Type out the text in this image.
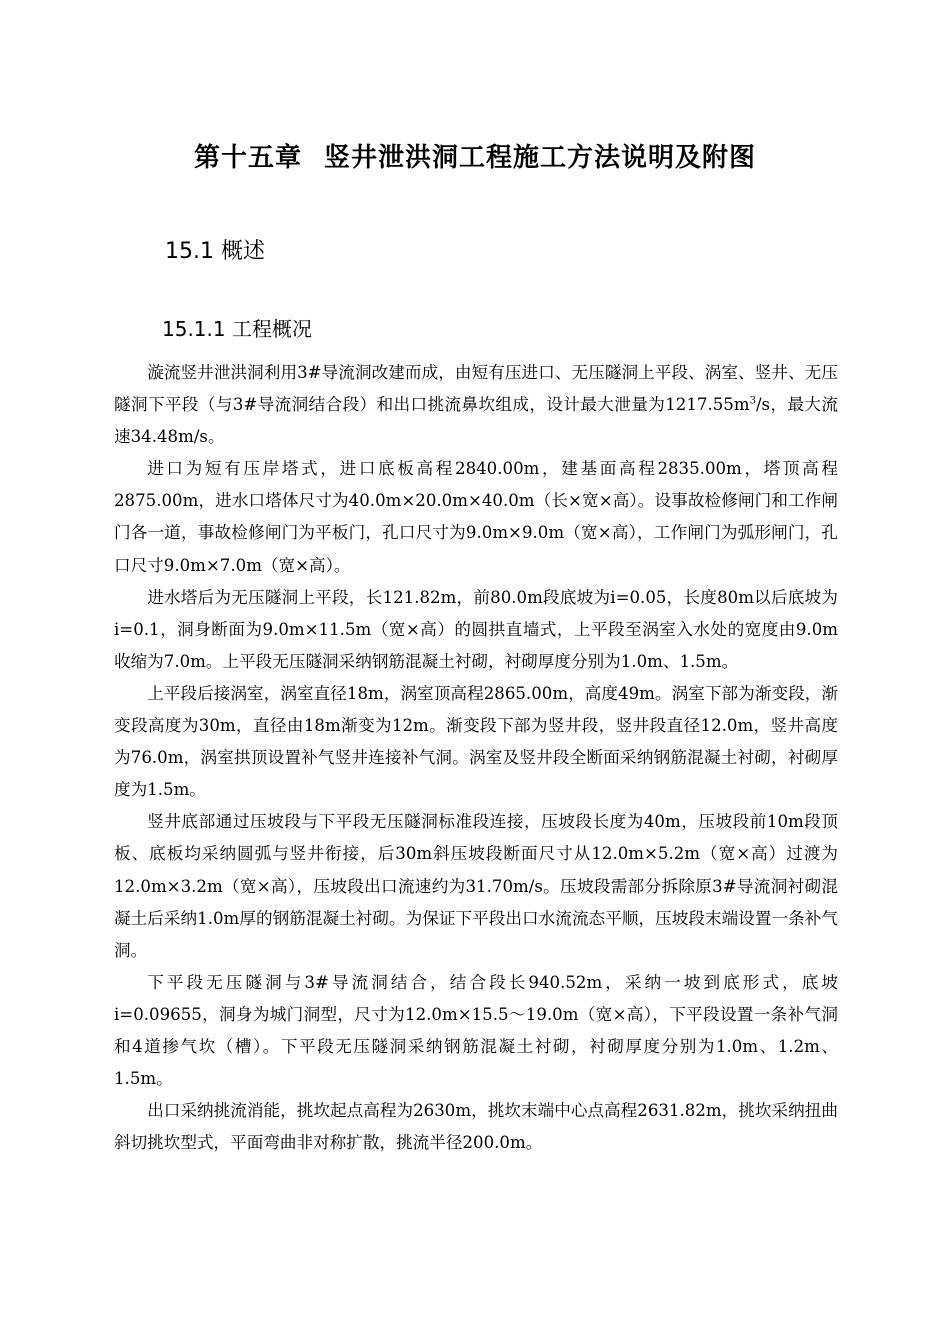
第十五章 竖井泄洪洞工程施工方法说明及附图
15.1 概述
15.1.1 工程概况

漩流竖井泄洪洞利用3#导流洞改建而成，由短有压进口、无压隧洞上平段、涡室、竖井、无压隧洞下平段（与3#导流洞结合段）和出口挑流鼻坎组成，设计最大泄量为$1217.55m^3/s$，最大流速34.48m/s。

进口为短有压岸塔式，进口底板高程2840.00m，建基面高程2835.00m，塔顶高程2875.00m，进水口塔体尺寸为40.0m×20.0m×40.0m（长×宽×高）。设事故检修闸门和工作闸门各一道，事故检修闸门为平板门，孔口尺寸为9.0m×9.0m（宽×高），工作闸门为弧形闸门，孔口尺寸9.0m×7.0m（宽×高）。

进水塔后为无压隧洞上平段，长121.82m，前80.0m段底坡为i=0.05，长度80m以后底坡为i=0.1，洞身断面为9.0m×11.5m（宽×高）的圆拱直墙式，上平段至涡室入水处的宽度由9.0m收缩为7.0m。上平段无压隧洞采纳钢筋混凝土衬砌，衬砌厚度分别为1.0m、1.5m。

上平段后接涡室，涡室直径18m，涡室顶高程2865.00m，高度49m。涡室下部为渐变段，渐变段高度为30m，直径由18m渐变为12m。渐变段下部为竖井段，竖井段直径12.0m，竖井高度为76.0m，涡室拱顶设置补气竖井连接补气洞。涡室及竖井段全断面采纳钢筋混凝土衬砌，衬砌厚度为1.5m。

竖井底部通过压坡段与下平段无压隧洞标准段连接，压坡段长度为40m，压坡段前10m段顶板、底板均采纳圆弧与竖井衔接，后30m斜压坡段断面尺寸从12.0m×5.2m（宽×高）过渡为12.0m×3.2m（宽×高），压坡段出口流速约为31.70m/s。压坡段需部分拆除原3#导流洞衬砌混凝土后采纳1.0m厚的钢筋混凝土衬砌。为保证下平段出口水流流态平顺，压坡段末端设置一条补气洞。

下平段无压隧洞与3#导流洞结合，结合段长940.52m，采纳一坡到底形式，底坡i=0.09655，洞身为城门洞型，尺寸为12.0m×15.5～19.0m（宽×高），下平段设置一条补气洞和4道掺气坎（槽）。下平段无压隧洞采纳钢筋混凝土衬砌，衬砌厚度分别为1.0m、1.2m、1.5m。

出口采纳挑流消能，挑坎起点高程为2630m，挑坎末端中心点高程2631.82m，挑坎采纳扭曲斜切挑坎型式，平面弯曲非对称扩散，挑流半径200.0m。
